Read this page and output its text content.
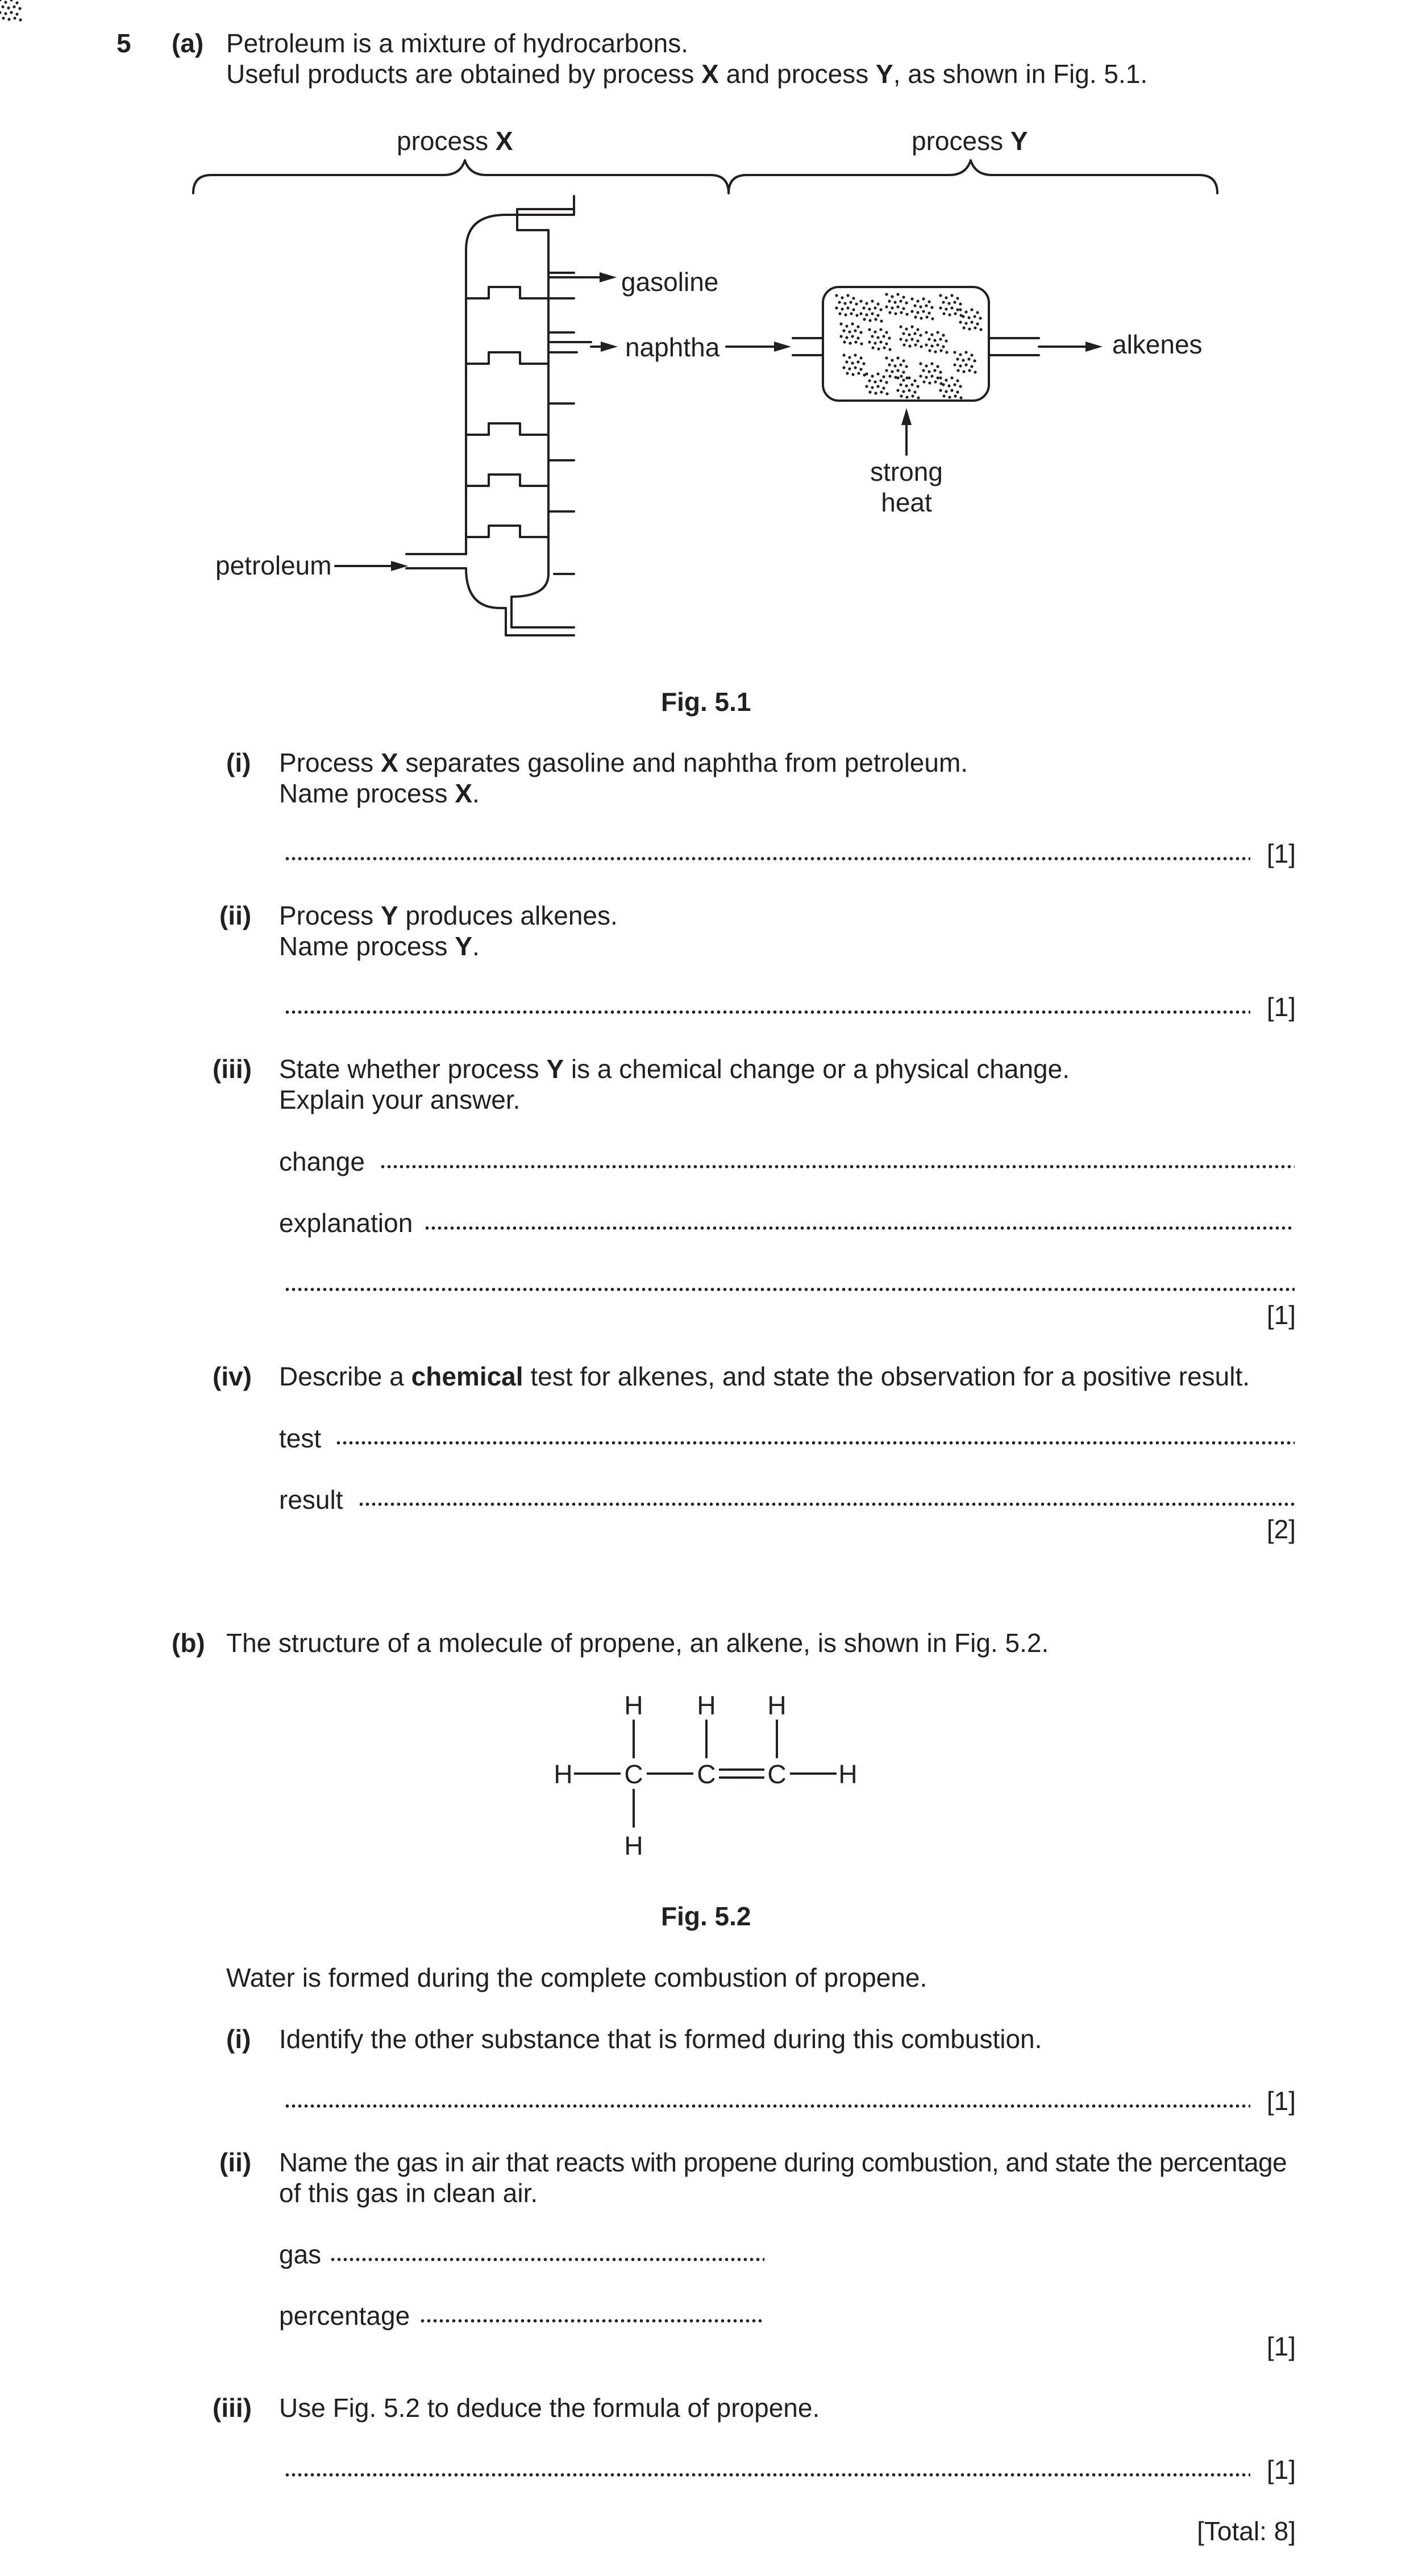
5 (a) Petroleum is a mixture of hydrocarbons.
Useful products are obtained by process X and process Y, as shown in Fig. 5.1.
process X	process Y
gasoline
naphtha	alkenes
strong
heat
petroleum
Fig. 5.1
(i) Process X separates gasoline and naphtha from petroleum.
Name process X.
[1]
(ii) Process Y produces alkenes.
Name process Y.
[1]
(iii) State whether process Y is a chemical change or a physical change.
Explain your answer.
change
explanation
[1]
(iv) Describe a chemical test for alkenes, and state the observation for a positive result.
test
result
[2]
(b) The structure of a molecule of propene, an alkene, is shown in Fig. 5.2.
H H H
H C C C H
H
Fig. 5.2
Water is formed during the complete combustion of propene.
(i) Identify the other substance that is formed during this combustion.
[1]
(ii) Name the gas in air that reacts with propene during combustion, and state the percentage
of this gas in clean air.
gas
percentage
[1]
(iii) Use Fig. 5.2 to deduce the formula of propene.
[1]
[Total: 8]
